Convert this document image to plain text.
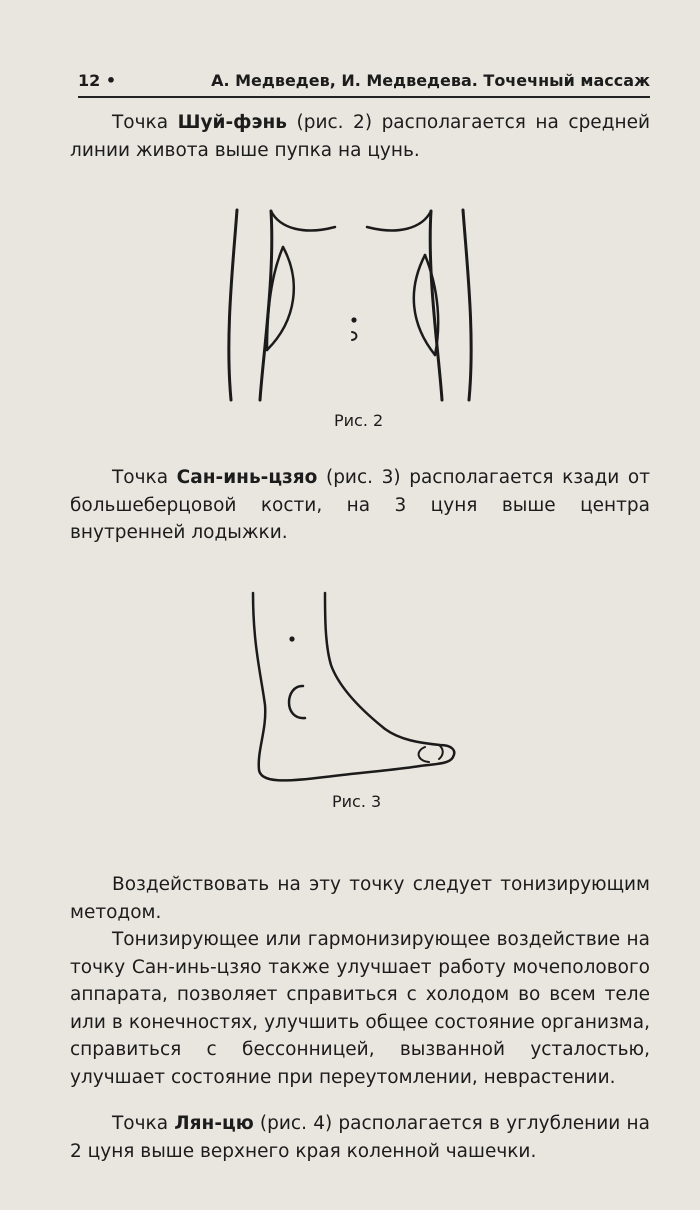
12 •	А. Медведев, И. Медведева. Точечный массаж
Точка Шуй-фэнь (рис. 2) располагается на средней линии живота выше пупка на цунь.
Рис. 2
Точка Сан-инь-цзяо (рис. 3) располагается кзади от большеберцовой кости, на 3 цуня выше центра внутренней лодыжки.
Рис. 3
Воздействовать на эту точку следует тонизирующим методом.
Тонизирующее или гармонизирующее воздействие на точку Сан-инь-цзяо также улучшает работу мочеполового аппарата, позволяет справиться с холодом во всем теле или в конечностях, улучшить общее состояние организма, справиться с бессонницей, вызванной усталостью, улучшает состояние при переутомлении, неврастении.
Точка Лян-цю (рис. 4) располагается в углублении на 2 цуня выше верхнего края коленной чашечки.
